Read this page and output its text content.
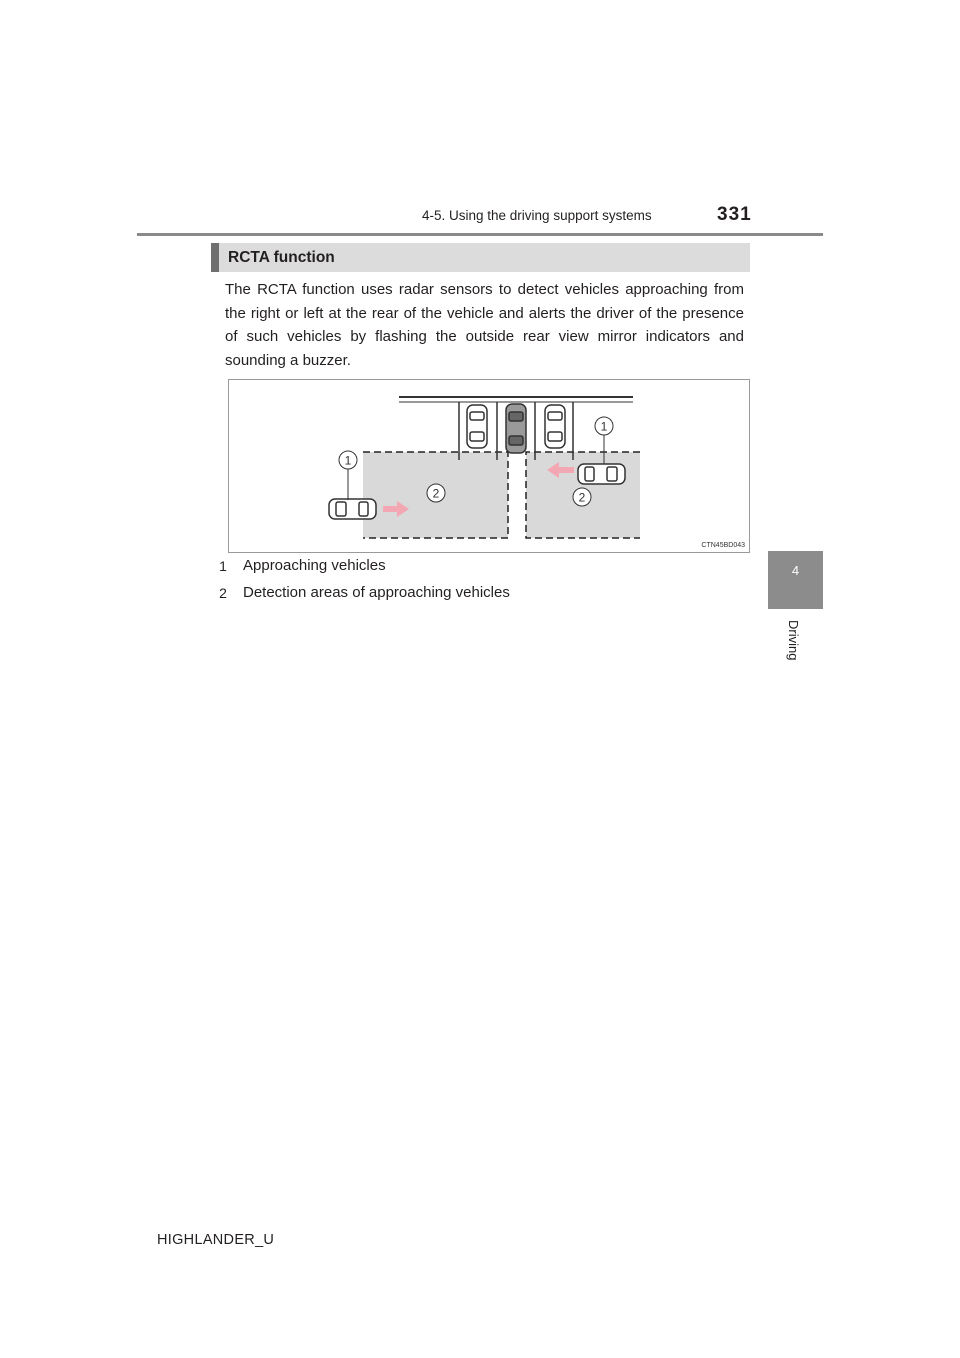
4-5. Using the driving support systems	331
4
Driving
RCTA function

The RCTA function uses radar sensors to detect vehicles approaching from the right or left at the rear of the vehicle and alerts the driver of the presence of such vehicles by flashing the outside rear view mirror indicators and sounding a buzzer.

1
1
2	2
CTN45BD043
1 Approaching vehicles
2 Detection areas of approaching vehicles
HIGHLANDER_U
